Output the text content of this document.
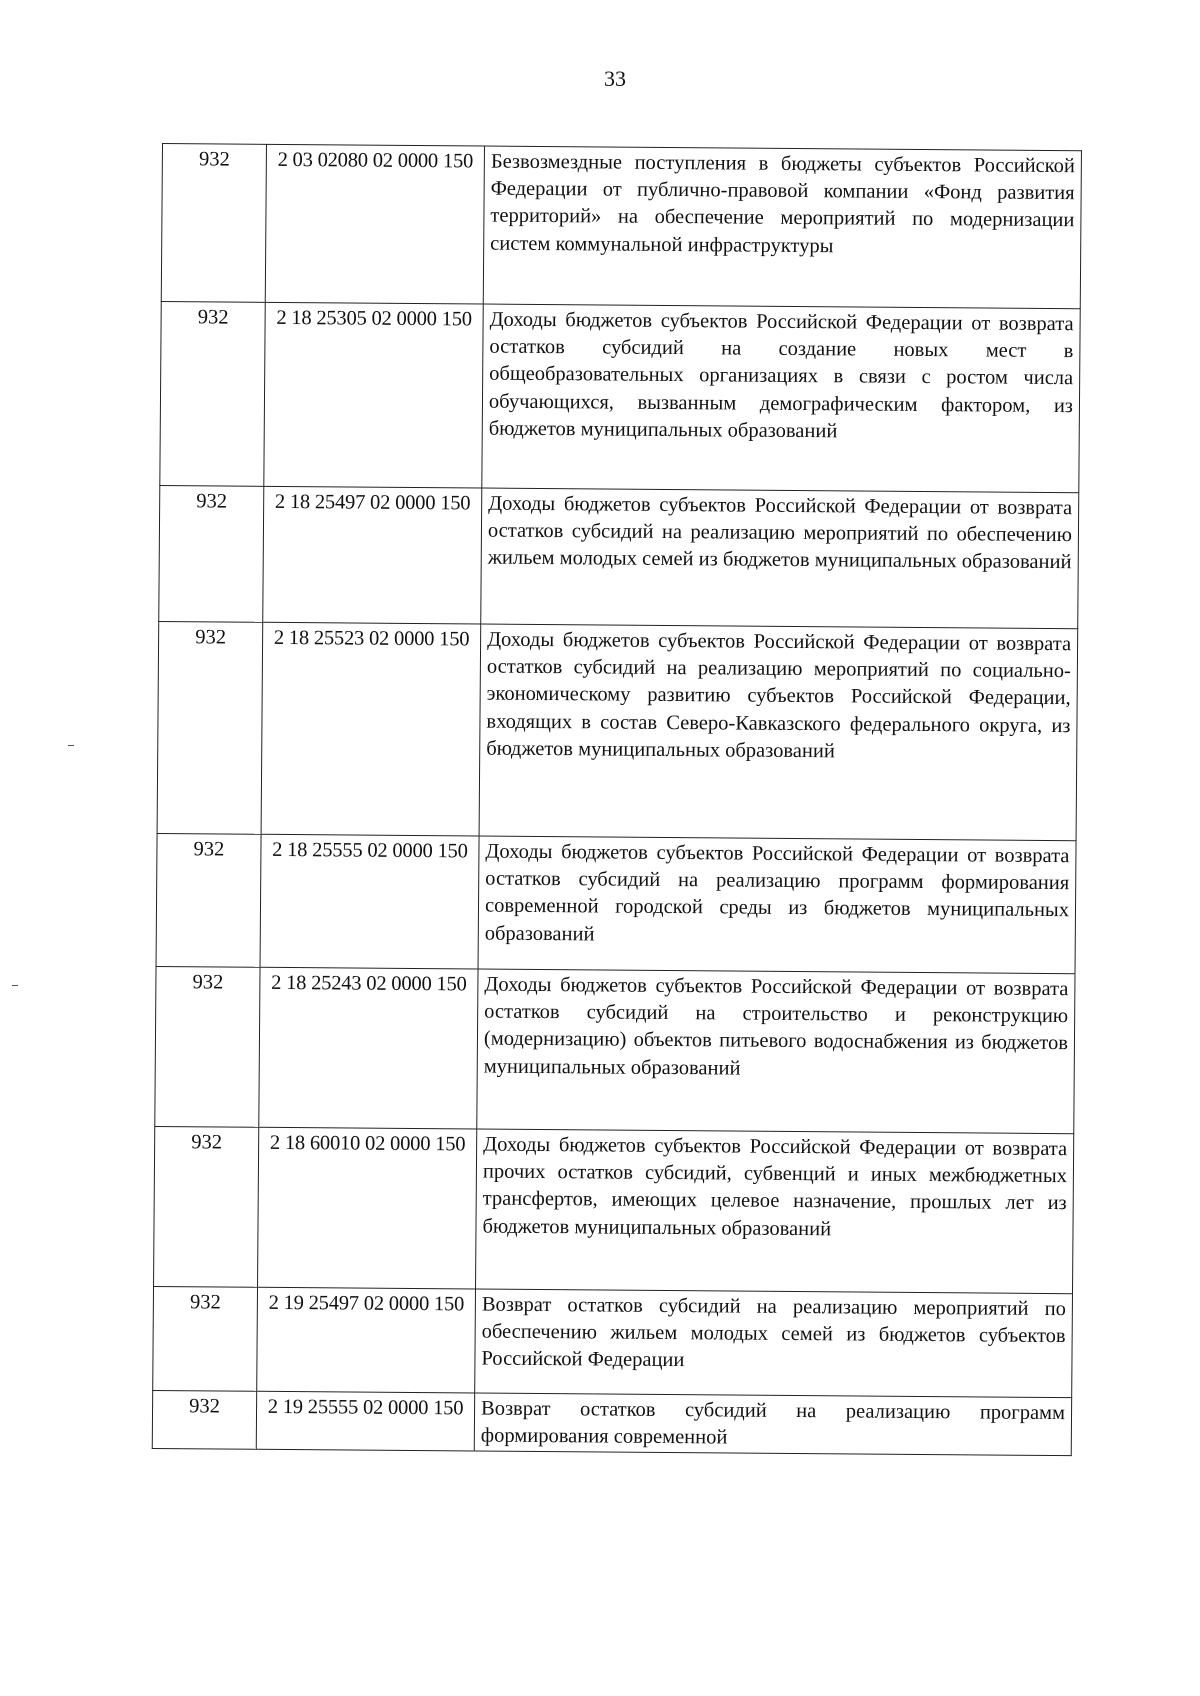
33
932	2 03 02080 02 0000 150	Безвозмездные поступления в бюджеты субъектов Российской Федерации от публично-правовой компании «Фонд развития территорий» на обеспечение мероприятий по модернизации систем коммунальной инфраструктуры
932	2 18 25305 02 0000 150	Доходы бюджетов субъектов Российской Федерации от возврата остатков субсидий на создание новых мест в общеобразовательных организациях в связи с ростом числа обучающихся, вызванным демографическим фактором, из бюджетов муниципальных образований
932	2 18 25497 02 0000 150	Доходы бюджетов субъектов Российской Федерации от возврата остатков субсидий на реализацию мероприятий по обеспечению жильем молодых семей из бюджетов муниципальных образований
932	2 18 25523 02 0000 150	Доходы бюджетов субъектов Российской Федерации от возврата остатков субсидий на реализацию мероприятий по социально-экономическому развитию субъектов Российской Федерации, входящих в состав Северо-Кавказского федерального округа, из бюджетов муниципальных образований
932	2 18 25555 02 0000 150	Доходы бюджетов субъектов Российской Федерации от возврата остатков субсидий на реализацию программ формирования современной городской среды из бюджетов муниципальных образований
932	2 18 25243 02 0000 150	Доходы бюджетов субъектов Российской Федерации от возврата остатков субсидий на строительство и реконструкцию (модернизацию) объектов питьевого водоснабжения из бюджетов муниципальных образований
932	2 18 60010 02 0000 150	Доходы бюджетов субъектов Российской Федерации от возврата прочих остатков субсидий, субвенций и иных межбюджетных трансфертов, имеющих целевое назначение, прошлых лет из бюджетов муниципальных образований
932	2 19 25497 02 0000 150	Возврат остатков субсидий на реализацию мероприятий по обеспечению жильем молодых семей из бюджетов субъектов Российской Федерации
932	2 19 25555 02 0000 150	Возврат остатков субсидий на реализацию программ формирования современной
